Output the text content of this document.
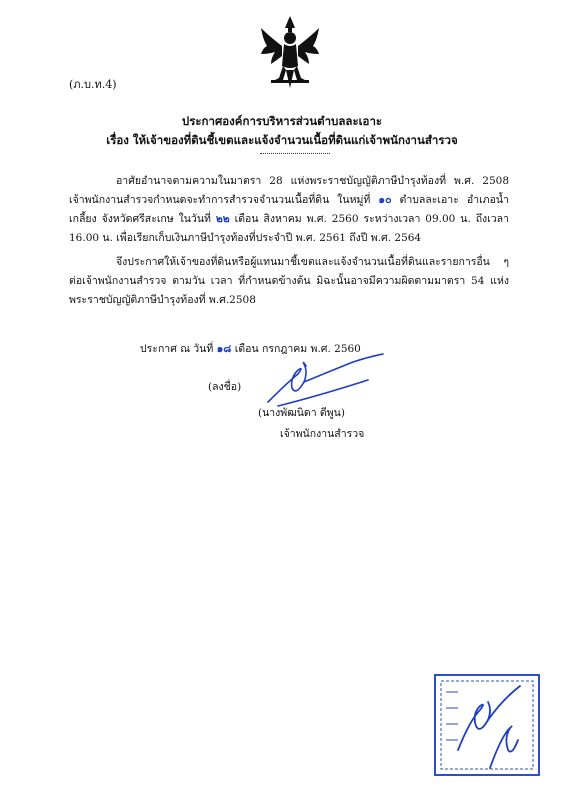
(ภ.บ.ท.4)
ประกาศองค์การบริหารส่วนตำบลละเอาะ
เรื่อง ให้เจ้าของที่ดินชี้เขตและแจ้งจำนวนเนื้อที่ดินแก่เจ้าพนักงานสำรวจ
อาศัยอำนาจตามความในมาตรา 28 แห่งพระราชบัญญัติภาษีบำรุงท้องที่ พ.ศ. 2508 เจ้าพนักงานสำรวจกำหนดจะทำการสำรวจจำนวนเนื้อที่ดิน ในหมู่ที่ ๑๐ ตำบลละเอาะ อำเภอน้ำเกลี้ยง จังหวัดศรีสะเกษ ในวันที่ ๒๒ เดือน สิงหาคม พ.ศ. 2560 ระหว่างเวลา 09.00 น. ถึงเวลา 16.00 น. เพื่อเรียกเก็บเงินภาษีบำรุงท้องที่ประจำปี พ.ศ. 2561 ถึงปี พ.ศ. 2564
จึงประกาศให้เจ้าของที่ดินหรือผู้แทนมาชี้เขตและแจ้งจำนวนเนื้อที่ดินและรายการอื่น ๆ ต่อเจ้าพนักงานสำรวจ ตามวัน เวลา ที่กำหนดข้างต้น มิฉะนั้นอาจมีความผิดตามมาตรา 54 แห่งพระราชบัญญัติภาษีบำรุงท้องที่ พ.ศ.2508
ประกาศ ณ วันที่ ๑๘ เดือน กรกฎาคม พ.ศ. 2560
(ลงชื่อ)
(นางพัฒนิดา ดีพูน)
เจ้าพนักงานสำรวจ
